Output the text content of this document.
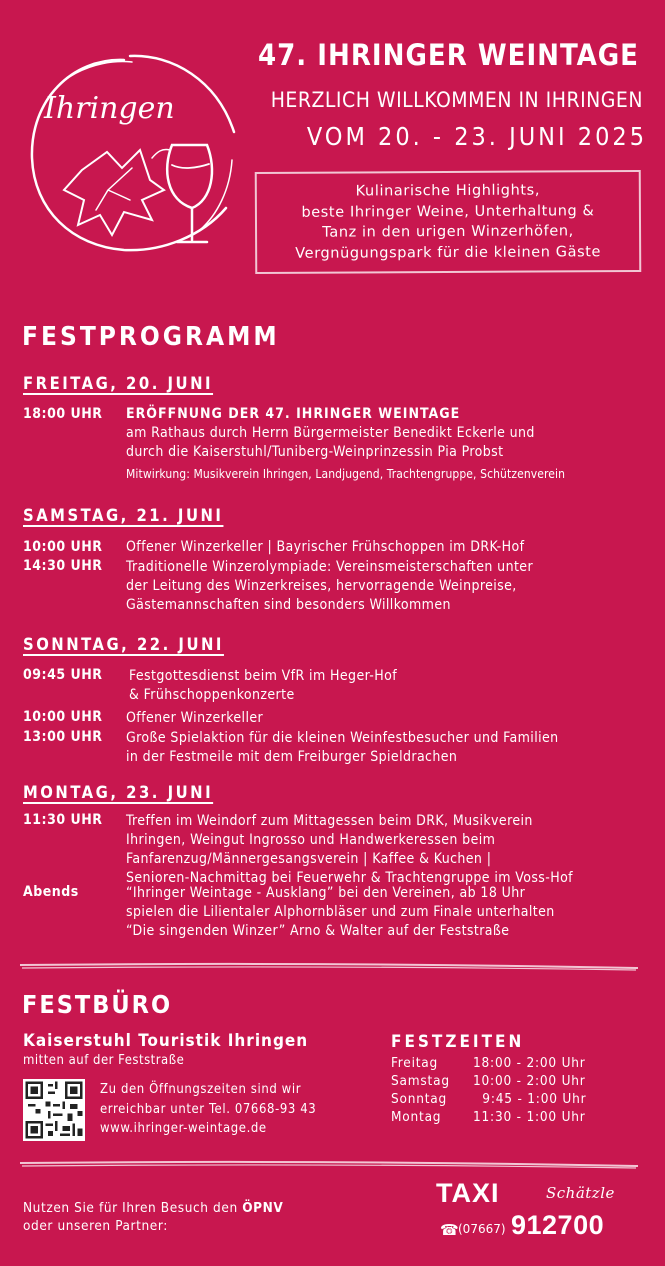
Ihringen
47. IHRINGER WEINTAGE
HERZLICH WILLKOMMEN IN IHRINGEN
VOM 20. - 23. JUNI 2025
Kulinarische Highlights,
beste Ihringer Weine, Unterhaltung &
Tanz in den urigen Winzerhöfen,
Vergnügungspark für die kleinen Gäste
FESTPROGRAMM
FREITAG, 20. JUNI
18:00 UHR ERÖFFNUNG DER 47. IHRINGER WEINTAGE
am Rathaus durch Herrn Bürgermeister Benedikt Eckerle und
durch die Kaiserstuhl/Tuniberg-Weinprinzessin Pia Probst
Mitwirkung: Musikverein Ihringen, Landjugend, Trachtengruppe, Schützenverein
SAMSTAG, 21. JUNI
10:00 UHR Offener Winzerkeller | Bayrischer Frühschoppen im DRK-Hof
14:30 UHR Traditionelle Winzerolympiade: Vereinsmeisterschaften unter
der Leitung des Winzerkreises, hervorragende Weinpreise,
Gästemannschaften sind besonders Willkommen
SONNTAG, 22. JUNI
09:45 UHR Festgottesdienst beim VfR im Heger-Hof
& Frühschoppenkonzerte
10:00 UHR Offener Winzerkeller
13:00 UHR Große Spielaktion für die kleinen Weinfestbesucher und Familien
in der Festmeile mit dem Freiburger Spieldrachen
MONTAG, 23. JUNI
11:30 UHR Treffen im Weindorf zum Mittagessen beim DRK, Musikverein
Ihringen, Weingut Ingrosso und Handwerkeressen beim
Fanfarenzug/Männergesangsverein | Kaffee & Kuchen |
Senioren-Nachmittag bei Feuerwehr & Trachtengruppe im Voss-Hof
Abends	“Ihringer Weintage - Ausklang” bei den Vereinen, ab 18 Uhr
spielen die Lilientaler Alphornbläser und zum Finale unterhalten
“Die singenden Winzer” Arno & Walter auf der Feststraße
FESTBÜRO
Kaiserstuhl Touristik Ihringen
mitten auf der Feststraße
Zu den Öffnungszeiten sind wir
erreichbar unter Tel. 07668-93 43
www.ihringer-weintage.de
FESTZEITEN
Freitag	18:00 - 2:00 Uhr
Samstag 10:00 - 2:00 Uhr
Sonntag  9:45 - 1:00 Uhr
Montag 11:30 - 1:00 Uhr
Nutzen Sie für Ihren Besuch den ÖPNV
oder unseren Partner:
TAXI	Schätzle
☎ (07667) 912700
